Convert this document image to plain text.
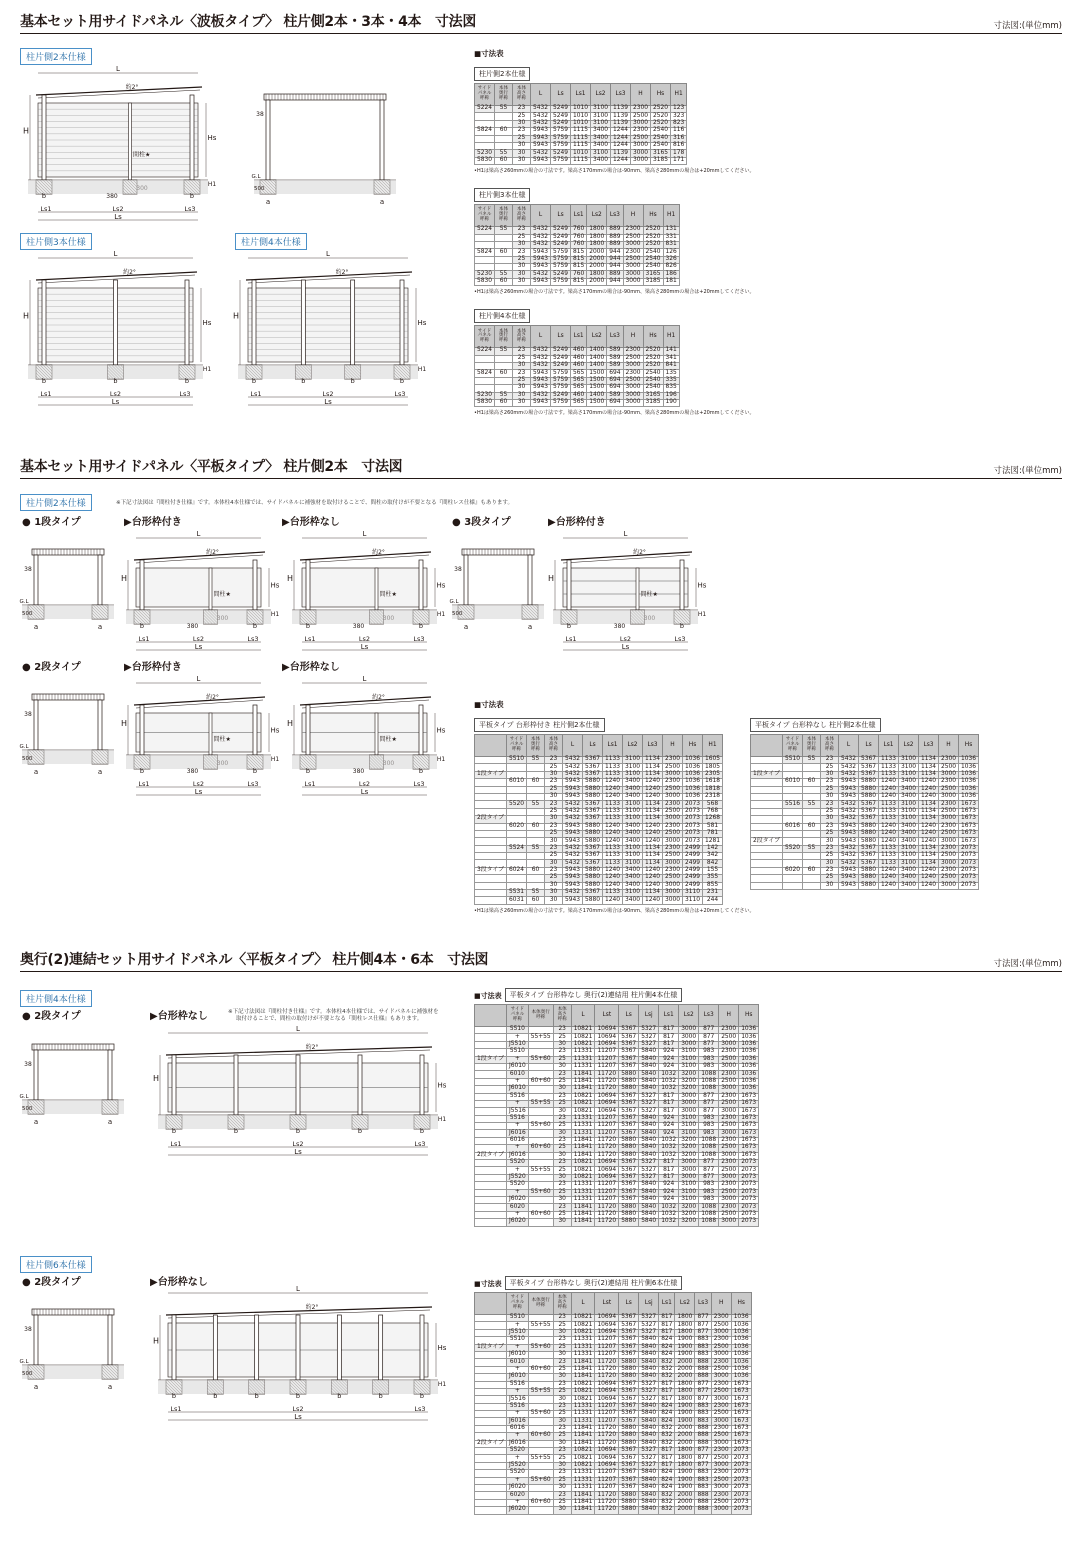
基本セット用サイドパネル〈波板タイプ〉 柱片側2本・3本・4本　寸法図	寸法図:(単位mm)
柱片側2本仕様
柱片側3本仕様	柱片側4本仕様
L
約2°
間柱★
H
Hs
H1
Ls
Ls1	Ls2	Ls3
b	b
380
38
G.L
500
a	a
L
約2°
H
Hs
H1
Ls
Ls1	Ls2	Ls3
b	b	b
L
約2°
H
Hs
H1
Ls
Ls1	Ls2	Ls3
b	b	b	b
■寸法表
柱片側2本仕様
サイドパネル呼称	本体奥行呼称	本体高さ呼称	L	Ls	Ls1	Ls2	Ls3	H	Hs	H1
5224	55	23	5432	5249	1010	3100	1139	2300	2520	123
		25	5432	5249	1010	3100	1139	2500	2520	323
		30	5432	5249	1010	3100	1139	3000	2520	823
5824	60	23	5943	5759	1115	3400	1244	2300	2540	116
		25	5943	5759	1115	3400	1244	2500	2540	316
		30	5943	5759	1115	3400	1244	3000	2540	816
5230	55	30	5432	5249	1010	3100	1139	3000	3165	178
5830	60	30	5943	5759	1115	3400	1244	3000	3185	171
•H1は梁高さ260mmの場合の寸法です。梁高さ170mmの場合は-90mm、梁高さ280mmの場合は+20mmしてください。
柱片側3本仕様
サイドパネル呼称	本体奥行呼称	本体高さ呼称	L	Ls	Ls1	Ls2	Ls3	H	Hs	H1
5224	55	23	5432	5249	760	1800	889	2300	2520	131
		25	5432	5249	760	1800	889	2500	2520	331
		30	5432	5249	760	1800	889	3000	2520	831
5824	60	23	5943	5759	815	2000	944	2300	2540	126
		25	5943	5759	815	2000	944	2500	2540	326
		30	5943	5759	815	2000	944	3000	2540	826
5230	55	30	5432	5249	760	1800	889	3000	3165	186
5830	60	30	5943	5759	815	2000	944	3000	3185	181
•H1は梁高さ260mmの場合の寸法です。梁高さ170mmの場合は-90mm、梁高さ280mmの場合は+20mmしてください。
柱片側4本仕様
サイドパネル呼称	本体奥行呼称	本体高さ呼称	L	Ls	Ls1	Ls2	Ls3	H	Hs	H1
5224	55	23	5432	5249	460	1400	589	2300	2520	141
		25	5432	5249	460	1400	589	2500	2520	341
		30	5432	5249	460	1400	589	3000	2520	841
5824	60	23	5943	5759	565	1500	694	2300	2540	135
		25	5943	5759	565	1500	694	2500	2540	335
		30	5943	5759	565	1500	694	3000	2540	835
5230	55	30	5432	5249	460	1400	589	3000	3165	196
5830	60	30	5943	5759	565	1500	694	3000	3185	190
•H1は梁高さ260mmの場合の寸法です。梁高さ170mmの場合は-90mm、梁高さ280mmの場合は+20mmしてください。
基本セット用サイドパネル〈平板タイプ〉 柱片側2本　寸法図	寸法図:(単位mm)
柱片側2本仕様	※下記寸法図は『間柱付き仕様』です。本体柱4本仕様では、サイドパネルに補強材を取付けることで、間柱の取付けが不要となる『間柱レス仕様』もあります。
● 1段タイプ	▶台形枠付き	▶台形枠なし	● 3段タイプ	▶台形枠付き
● 2段タイプ	▶台形枠付き	▶台形枠なし
38
G.L
500
a	a
L
約2°
間柱★
H
Hs
H1
Ls
Ls1	Ls2	Ls3
b	b
380
L
約2°
間柱★
H
Hs
H1
Ls
Ls1	Ls2	Ls3
b	b
380
38
G.L
500
a	a
L
約2°
間柱★
H
Hs
H1
Ls
Ls1	Ls2	Ls3
b	b
380
38
G.L
500
a	a
L
約2°
間柱★
H
Hs
H1
Ls
Ls1	Ls2	Ls3
b	b
380
L
約2°
間柱★
H
Hs
H1
Ls
Ls1	Ls2	Ls3
b	b
380
■寸法表
平板タイプ 台形枠付き 柱片側2本仕様
	サイドパネル呼称	本体奥行呼称	本体高さ呼称	L	Ls	Ls1	Ls2	Ls3	H	Hs	H1
	5510	55	23	5432	5367	1133	3100	1134	2300	1036	1605
			25	5432	5367	1133	3100	1134	2500	1036	1805
1段タイプ			30	5432	5367	1133	3100	1134	3000	1036	2305
	6010	60	23	5943	5880	1240	3400	1240	2300	1036	1618
			25	5943	5880	1240	3400	1240	2500	1036	1818
			30	5943	5880	1240	3400	1240	3000	1036	2318
	5520	55	23	5432	5367	1133	3100	1134	2300	2073	568
			25	5432	5367	1133	3100	1134	2500	2073	768
2段タイプ			30	5432	5367	1133	3100	1134	3000	2073	1268
	6020	60	23	5943	5880	1240	3400	1240	2300	2073	581
			25	5943	5880	1240	3400	1240	2500	2073	781
			30	5943	5880	1240	3400	1240	3000	2073	1281
	5524	55	23	5432	5367	1133	3100	1134	2300	2499	142
			25	5432	5367	1133	3100	1134	2500	2499	342
			30	5432	5367	1133	3100	1134	3000	2499	842
3段タイプ	6024	60	23	5943	5880	1240	3400	1240	2300	2499	155
			25	5943	5880	1240	3400	1240	2500	2499	355
			30	5943	5880	1240	3400	1240	3000	2499	855
	5531	55	30	5432	5367	1133	3100	1134	3000	3110	231
	6031	60	30	5943	5880	1240	3400	1240	3000	3110	244
•H1は梁高さ260mmの場合の寸法です。梁高さ170mmの場合は-90mm、梁高さ280mmの場合は+20mmしてください。
平板タイプ 台形枠なし 柱片側2本仕様
	サイドパネル呼称	本体奥行呼称	本体高さ呼称	L	Ls	Ls1	Ls2	Ls3	H	Hs
	5510	55	23	5432	5367	1133	3100	1134	2300	1036
			25	5432	5367	1133	3100	1134	2500	1036
1段タイプ			30	5432	5367	1133	3100	1134	3000	1036
	6010	60	23	5943	5880	1240	3400	1240	2300	1036
			25	5943	5880	1240	3400	1240	2500	1036
			30	5943	5880	1240	3400	1240	3000	1036
	5516	55	23	5432	5367	1133	3100	1134	2300	1673
			25	5432	5367	1133	3100	1134	2500	1673
			30	5432	5367	1133	3100	1134	3000	1673
	6016	60	23	5943	5880	1240	3400	1240	2300	1673
			25	5943	5880	1240	3400	1240	2500	1673
2段タイプ			30	5943	5880	1240	3400	1240	3000	1673
	5520	55	23	5432	5367	1133	3100	1134	2300	2073
			25	5432	5367	1133	3100	1134	2500	2073
			30	5432	5367	1133	3100	1134	3000	2073
	6020	60	23	5943	5880	1240	3400	1240	2300	2073
			25	5943	5880	1240	3400	1240	2500	2073
			30	5943	5880	1240	3400	1240	3000	2073
奥行(2)連結セット用サイドパネル〈平板タイプ〉 柱片側4本・6本　寸法図	寸法図:(単位mm)
柱片側4本仕様
● 2段タイプ	▶台形枠なし	※下記寸法図は『間柱付き仕様』です。本体柱4本仕様では、サイドパネルに補強材を
取付けることで、間柱の取付けが不要となる『間柱レス仕様』もあります。
38
G.L
500
a	a
L
約2°
H
Hs
H1
Ls
Ls1	Ls2	Ls3
b	b	b	b	b
柱片側6本仕様
● 2段タイプ	▶台形枠なし
38
G.L
500
a	a
L
約2°
H
Hs
H1
Ls
Ls1	Ls2	Ls3
b	b	b	b	b	b	b
■寸法表	平板タイプ 台形枠なし 奥行(2)連結用 柱片側4本仕様
	サイドパネル呼称	本体奥行呼称	本体高さ呼称	L	Lst	Ls	Lsj	Ls1	Ls2	Ls3	H	Hs
	5510		23	10821	10694	5367	5327	817	3000	877	2300	1036
	+	55+55	25	10821	10694	5367	5327	817	3000	877	2500	1036
	J5510		30	10821	10694	5367	5327	817	3000	877	3000	1036
	5510		23	11331	11207	5367	5840	924	3100	983	2300	1036
1段タイプ	+	55+60	25	11331	11207	5367	5840	924	3100	983	2500	1036
	J6010		30	11331	11207	5367	5840	924	3100	983	3000	1036
	6010		23	11841	11720	5880	5840	1032	3200	1088	2300	1036
	+	60+60	25	11841	11720	5880	5840	1032	3200	1088	2500	1036
	J6010		30	11841	11720	5880	5840	1032	3200	1088	3000	1036
	5516		23	10821	10694	5367	5327	817	3000	877	2300	1673
	+	55+55	25	10821	10694	5367	5327	817	3000	877	2500	1673
	J5516		30	10821	10694	5367	5327	817	3000	877	3000	1673
	5516		23	11331	11207	5367	5840	924	3100	983	2300	1673
	+	55+60	25	11331	11207	5367	5840	924	3100	983	2500	1673
	J6016		30	11331	11207	5367	5840	924	3100	983	3000	1673
	6016		23	11841	11720	5880	5840	1032	3200	1088	2300	1673
	+	60+60	25	11841	11720	5880	5840	1032	3200	1088	2500	1673
2段タイプ	J6016		30	11841	11720	5880	5840	1032	3200	1088	3000	1673
	5520		23	10821	10694	5367	5327	817	3000	877	2300	2073
	+	55+55	25	10821	10694	5367	5327	817	3000	877	2500	2073
	J5520		30	10821	10694	5367	5327	817	3000	877	3000	2073
	5520		23	11331	11207	5367	5840	924	3100	983	2300	2073
	+	55+60	25	11331	11207	5367	5840	924	3100	983	2500	2073
	J6020		30	11331	11207	5367	5840	924	3100	983	3000	2073
	6020		23	11841	11720	5880	5840	1032	3200	1088	2300	2073
	+	60+60	25	11841	11720	5880	5840	1032	3200	1088	2500	2073
	J6020		30	11841	11720	5880	5840	1032	3200	1088	3000	2073
■寸法表	平板タイプ 台形枠なし 奥行(2)連結用 柱片側6本仕様
	サイドパネル呼称	本体奥行呼称	本体高さ呼称	L	Lst	Ls	Lsj	Ls1	Ls2	Ls3	H	Hs
	5510		23	10821	10694	5367	5327	817	1800	877	2300	1036
	+	55+55	25	10821	10694	5367	5327	817	1800	877	2500	1036
	J5510		30	10821	10694	5367	5327	817	1800	877	3000	1036
	5510		23	11331	11207	5367	5840	824	1900	883	2300	1036
1段タイプ	+	55+60	25	11331	11207	5367	5840	824	1900	883	2500	1036
	J6010		30	11331	11207	5367	5840	824	1900	883	3000	1036
	6010		23	11841	11720	5880	5840	832	2000	888	2300	1036
	+	60+60	25	11841	11720	5880	5840	832	2000	888	2500	1036
	J6010		30	11841	11720	5880	5840	832	2000	888	3000	1036
	5516		23	10821	10694	5367	5327	817	1800	877	2300	1673
	+	55+55	25	10821	10694	5367	5327	817	1800	877	2500	1673
	J5516		30	10821	10694	5367	5327	817	1800	877	3000	1673
	5516		23	11331	11207	5367	5840	824	1900	883	2300	1673
	+	55+60	25	11331	11207	5367	5840	824	1900	883	2500	1673
	J6016		30	11331	11207	5367	5840	824	1900	883	3000	1673
	6016		23	11841	11720	5880	5840	832	2000	888	2300	1673
	+	60+60	25	11841	11720	5880	5840	832	2000	888	2500	1673
2段タイプ	J6016		30	11841	11720	5880	5840	832	2000	888	3000	1673
	5520		23	10821	10694	5367	5327	817	1800	877	2300	2073
	+	55+55	25	10821	10694	5367	5327	817	1800	877	2500	2073
	J5520		30	10821	10694	5367	5327	817	1800	877	3000	2073
	5520		23	11331	11207	5367	5840	824	1900	883	2300	2073
	+	55+60	25	11331	11207	5367	5840	824	1900	883	2500	2073
	J6020		30	11331	11207	5367	5840	824	1900	883	3000	2073
	6020		23	11841	11720	5880	5840	832	2000	888	2300	2073
	+	60+60	25	11841	11720	5880	5840	832	2000	888	2500	2073
	J6020		30	11841	11720	5880	5840	832	2000	888	3000	2073
